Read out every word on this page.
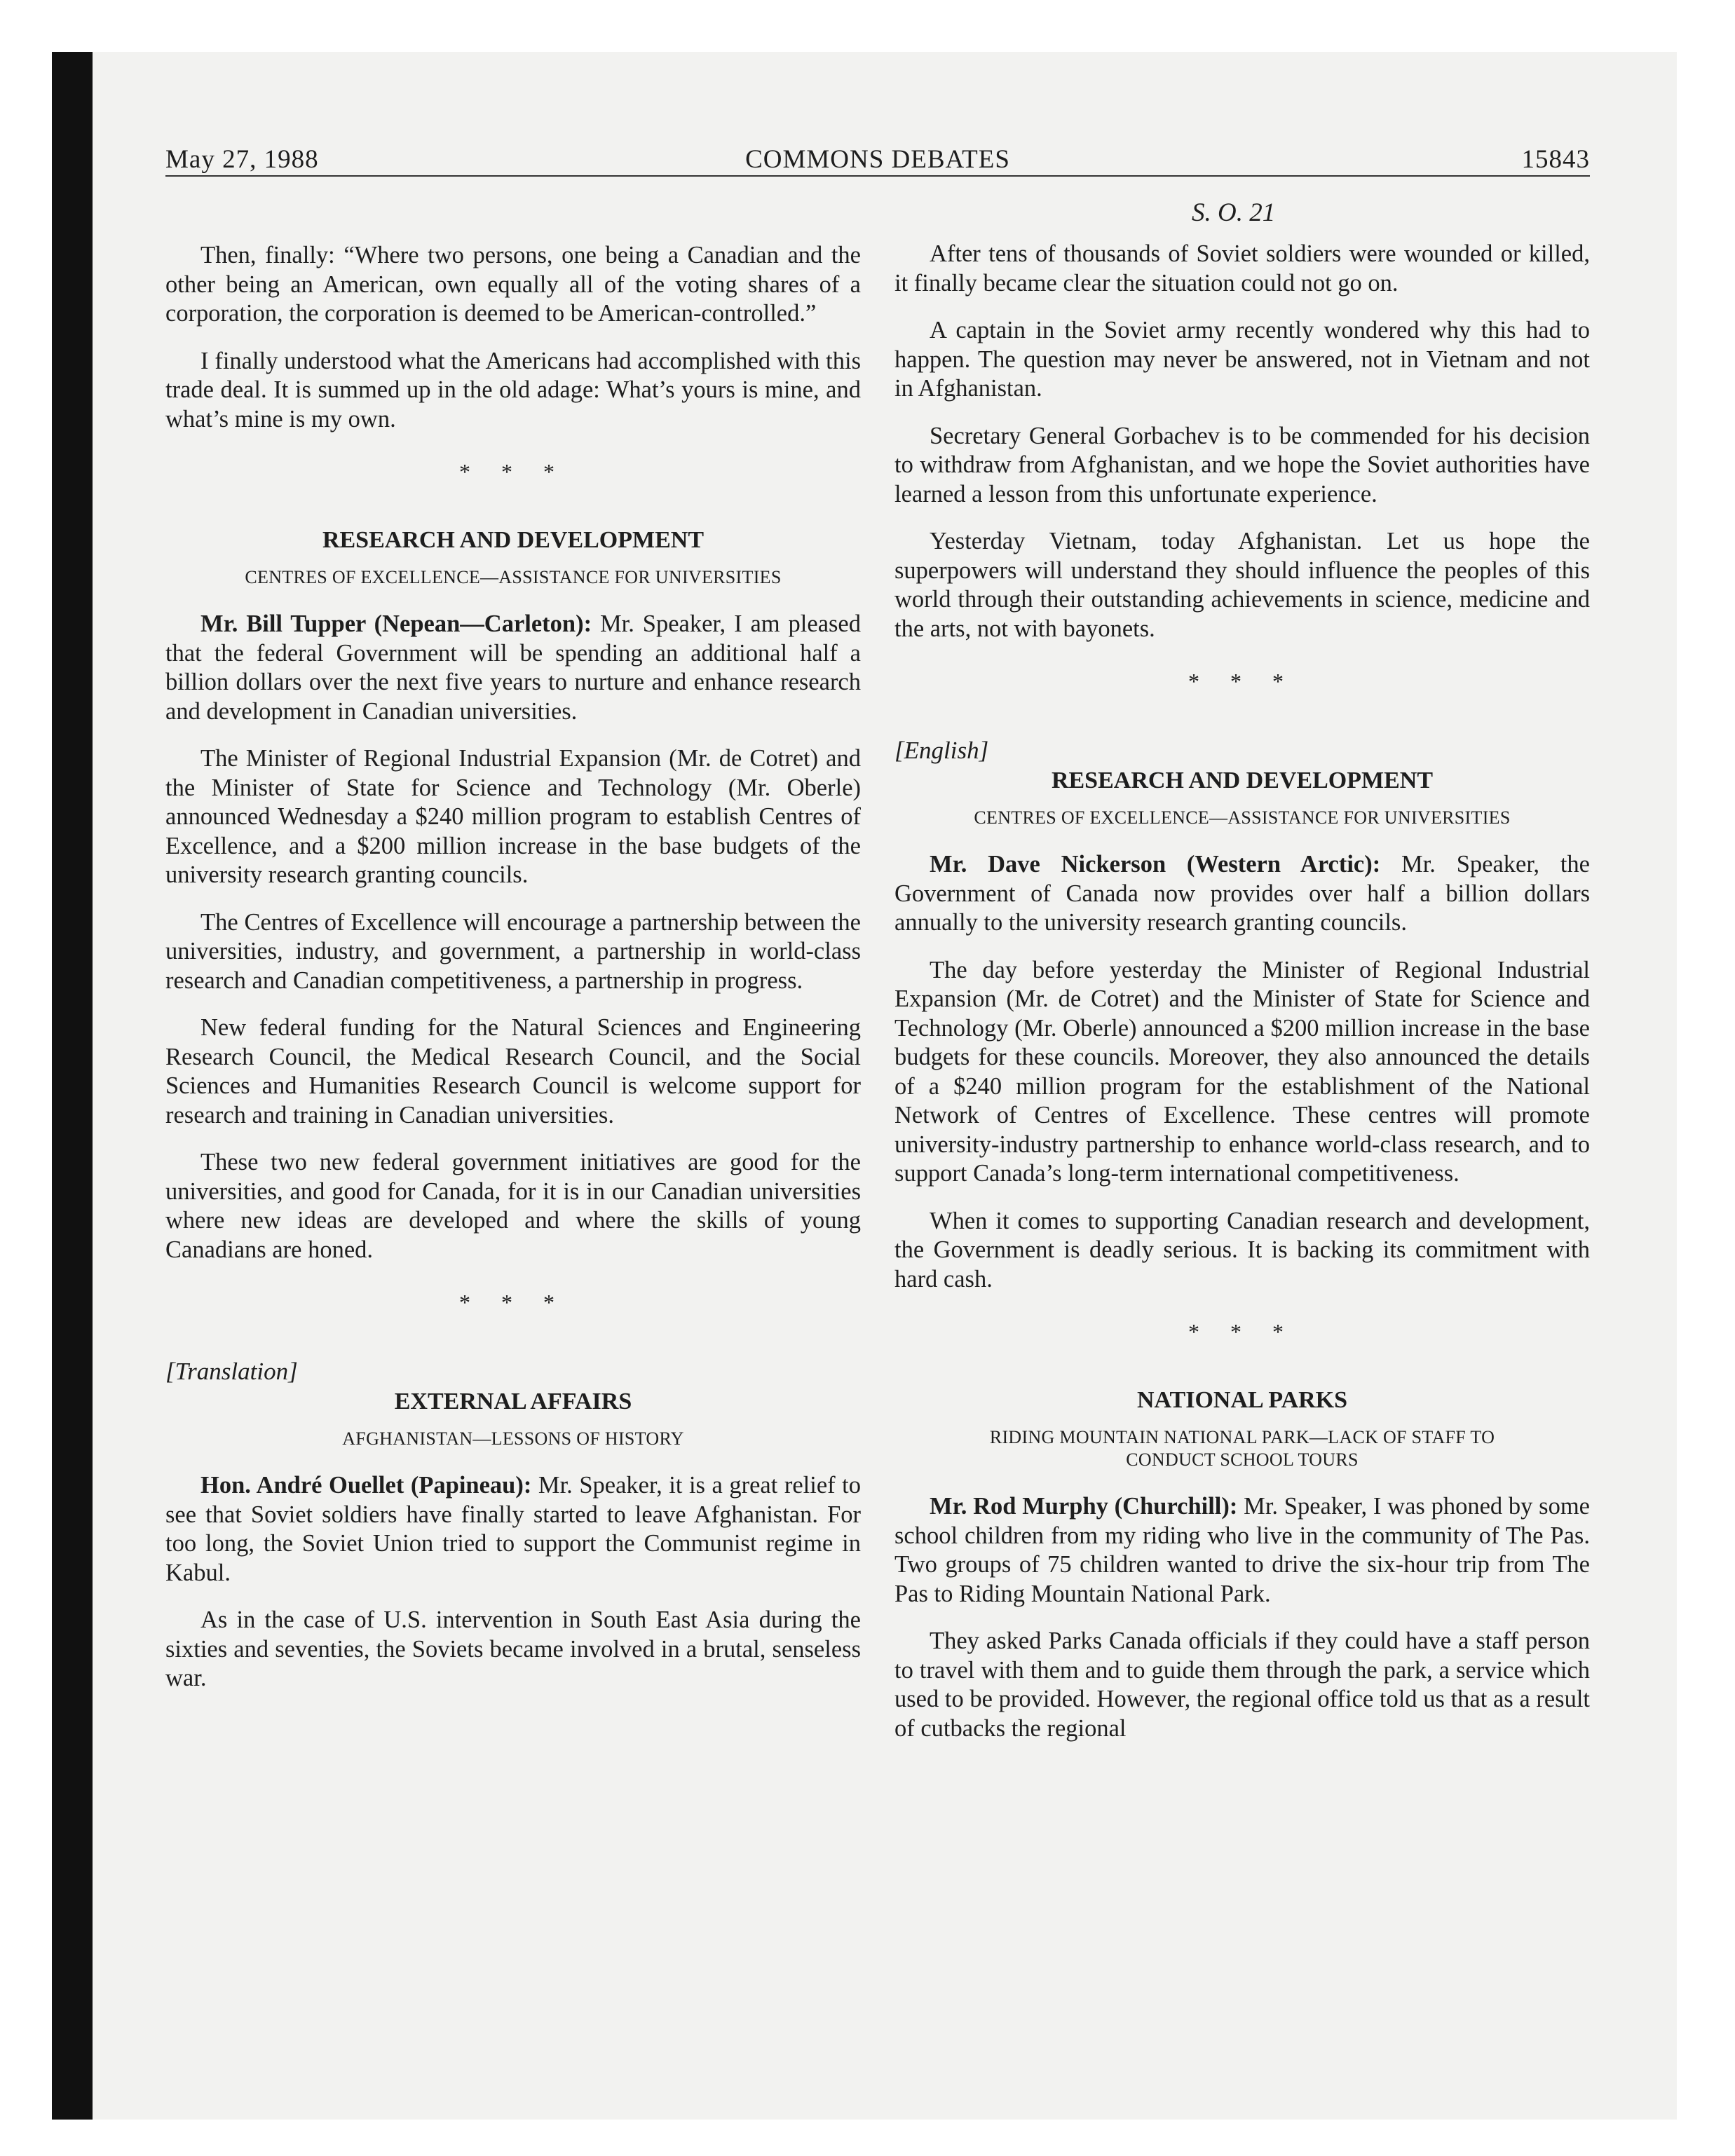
COMMONS DEBATES
May 27, 1988	15843
S. O. 21

Then, finally: “Where two persons, one being a Canadian and the other being an American, own equally all of the voting shares of a corporation, the corporation is deemed to be American-controlled.”

I finally understood what the Americans had accomplished with this trade deal. It is summed up in the old adage: What’s yours is mine, and what’s mine is my own.

* * *
RESEARCH AND DEVELOPMENT
CENTRES OF EXCELLENCE—ASSISTANCE FOR UNIVERSITIES

Mr. Bill Tupper (Nepean—Carleton): Mr. Speaker, I am pleased that the federal Government will be spending an additional half a billion dollars over the next five years to nurture and enhance research and development in Canadian universities.

The Minister of Regional Industrial Expansion (Mr. de Cotret) and the Minister of State for Science and Technology (Mr. Oberle) announced Wednesday a $240 million program to establish Centres of Excellence, and a $200 million increase in the base budgets of the university research granting councils.

The Centres of Excellence will encourage a partnership between the universities, industry, and government, a partnership in world-class research and Canadian competitiveness, a partnership in progress.

New federal funding for the Natural Sciences and Engineering Research Council, the Medical Research Council, and the Social Sciences and Humanities Research Council is welcome support for research and training in Canadian universities.

These two new federal government initiatives are good for the universities, and good for Canada, for it is in our Canadian universities where new ideas are developed and where the skills of young Canadians are honed.

* * *
[Translation]
EXTERNAL AFFAIRS
AFGHANISTAN—LESSONS OF HISTORY

Hon. André Ouellet (Papineau): Mr. Speaker, it is a great relief to see that Soviet soldiers have finally started to leave Afghanistan. For too long, the Soviet Union tried to support the Communist regime in Kabul.

As in the case of U.S. intervention in South East Asia during the sixties and seventies, the Soviets became involved in a brutal, senseless war.

After tens of thousands of Soviet soldiers were wounded or killed, it finally became clear the situation could not go on.

A captain in the Soviet army recently wondered why this had to happen. The question may never be answered, not in Vietnam and not in Afghanistan.

Secretary General Gorbachev is to be commended for his decision to withdraw from Afghanistan, and we hope the Soviet authorities have learned a lesson from this unfortunate experience.

Yesterday Vietnam, today Afghanistan. Let us hope the superpowers will understand they should influence the peoples of this world through their outstanding achievements in science, medicine and the arts, not with bayonets.

* * *
[English]
RESEARCH AND DEVELOPMENT
CENTRES OF EXCELLENCE—ASSISTANCE FOR UNIVERSITIES

Mr. Dave Nickerson (Western Arctic): Mr. Speaker, the Government of Canada now provides over half a billion dollars annually to the university research granting councils.

The day before yesterday the Minister of Regional Industrial Expansion (Mr. de Cotret) and the Minister of State for Science and Technology (Mr. Oberle) announced a $200 million increase in the base budgets for these councils. Moreover, they also announced the details of a $240 million program for the establishment of the National Network of Centres of Excellence. These centres will promote university-industry partnership to enhance world-class research, and to support Canada’s long-term international competitiveness.

When it comes to supporting Canadian research and development, the Government is deadly serious. It is backing its commitment with hard cash.

* * *
NATIONAL PARKS
RIDING MOUNTAIN NATIONAL PARK—LACK OF STAFF TO
CONDUCT SCHOOL TOURS

Mr. Rod Murphy (Churchill): Mr. Speaker, I was phoned by some school children from my riding who live in the community of The Pas. Two groups of 75 children wanted to drive the six-hour trip from The Pas to Riding Mountain National Park.

They asked Parks Canada officials if they could have a staff person to travel with them and to guide them through the park, a service which used to be provided. However, the regional office told us that as a result of cutbacks the regional
